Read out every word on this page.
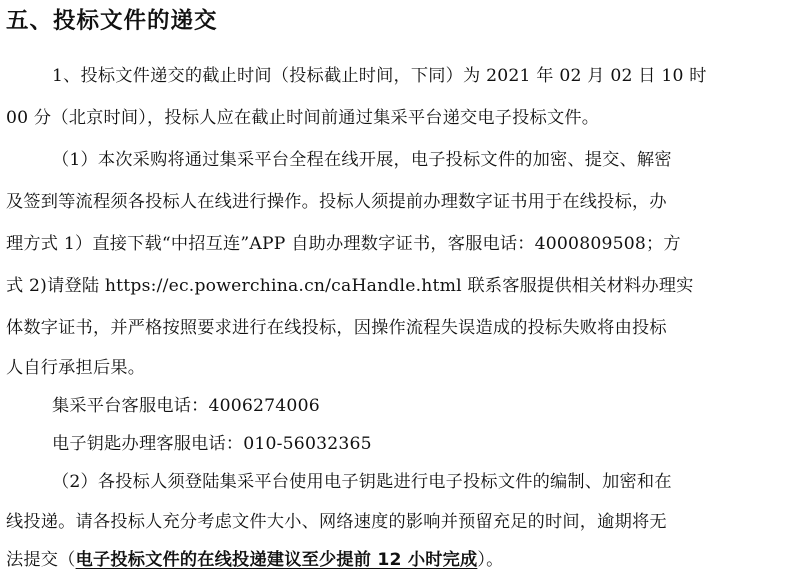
五、投标文件的递交
1、投标文件递交的截止时间（投标截止时间，下同）为 2021 年 02 月 02 日 10 时
00 分（北京时间），投标人应在截止时间前通过集采平台递交电子投标文件。
（1）本次采购将通过集采平台全程在线开展，电子投标文件的加密、提交、解密
及签到等流程须各投标人在线进行操作。投标人须提前办理数字证书用于在线投标，办
理方式 1）直接下载“中招互连”APP 自助办理数字证书，客服电话：4000809508；方
式 2)请登陆 https://ec.powerchina.cn/caHandle.html 联系客服提供相关材料办理实
体数字证书，并严格按照要求进行在线投标，因操作流程失误造成的投标失败将由投标
人自行承担后果。
集采平台客服电话：4006274006
电子钥匙办理客服电话：010-56032365
（2）各投标人须登陆集采平台使用电子钥匙进行电子投标文件的编制、加密和在
线投递。请各投标人充分考虑文件大小、网络速度的影响并预留充足的时间，逾期将无
法提交（电子投标文件的在线投递建议至少提前 12 小时完成）。
